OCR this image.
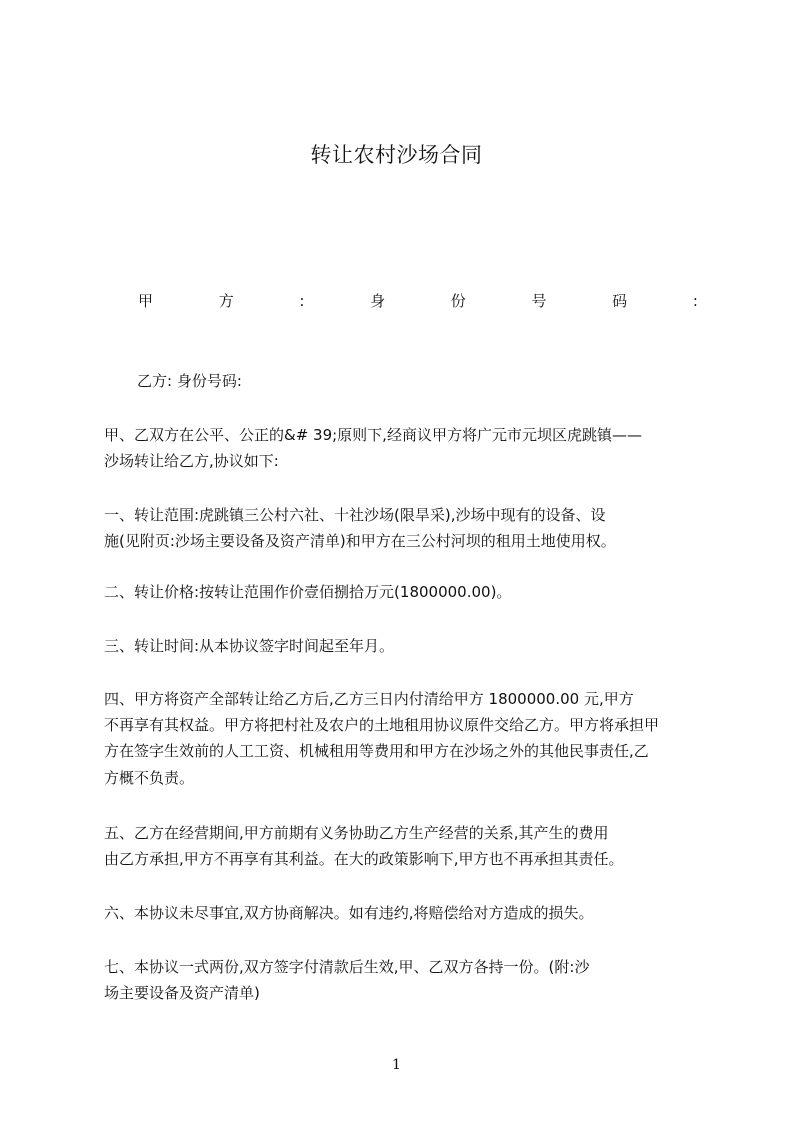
转让农村沙场合同
甲	方	:	身	份	号	码	:
乙方: 身份号码:
甲、乙双方在公平、公正的&# 39;原则下,经商议甲方将广元市元坝区虎跳镇——
沙场转让给乙方,协议如下:
一、转让范围:虎跳镇三公村六社、十社沙场(限旱采),沙场中现有的设备、设
施(见附页:沙场主要设备及资产清单)和甲方在三公村河坝的租用土地使用权。
二、转让价格:按转让范围作价壹佰捌拾万元(1800000.00)。
三、转让时间:从本协议签字时间起至年月。
四、甲方将资产全部转让给乙方后,乙方三日内付清给甲方 1800000.00 元,甲方
不再享有其权益。甲方将把村社及农户的土地租用协议原件交给乙方。甲方将承担甲
方在签字生效前的人工工资、机械租用等费用和甲方在沙场之外的其他民事责任,乙
方概不负责。
五、乙方在经营期间,甲方前期有义务协助乙方生产经营的关系,其产生的费用
由乙方承担,甲方不再享有其利益。在大的政策影响下,甲方也不再承担其责任。
六、本协议未尽事宜,双方协商解决。如有违约,将赔偿给对方造成的损失。
七、本协议一式两份,双方签字付清款后生效,甲、乙双方各持一份。(附:沙
场主要设备及资产清单)
1
